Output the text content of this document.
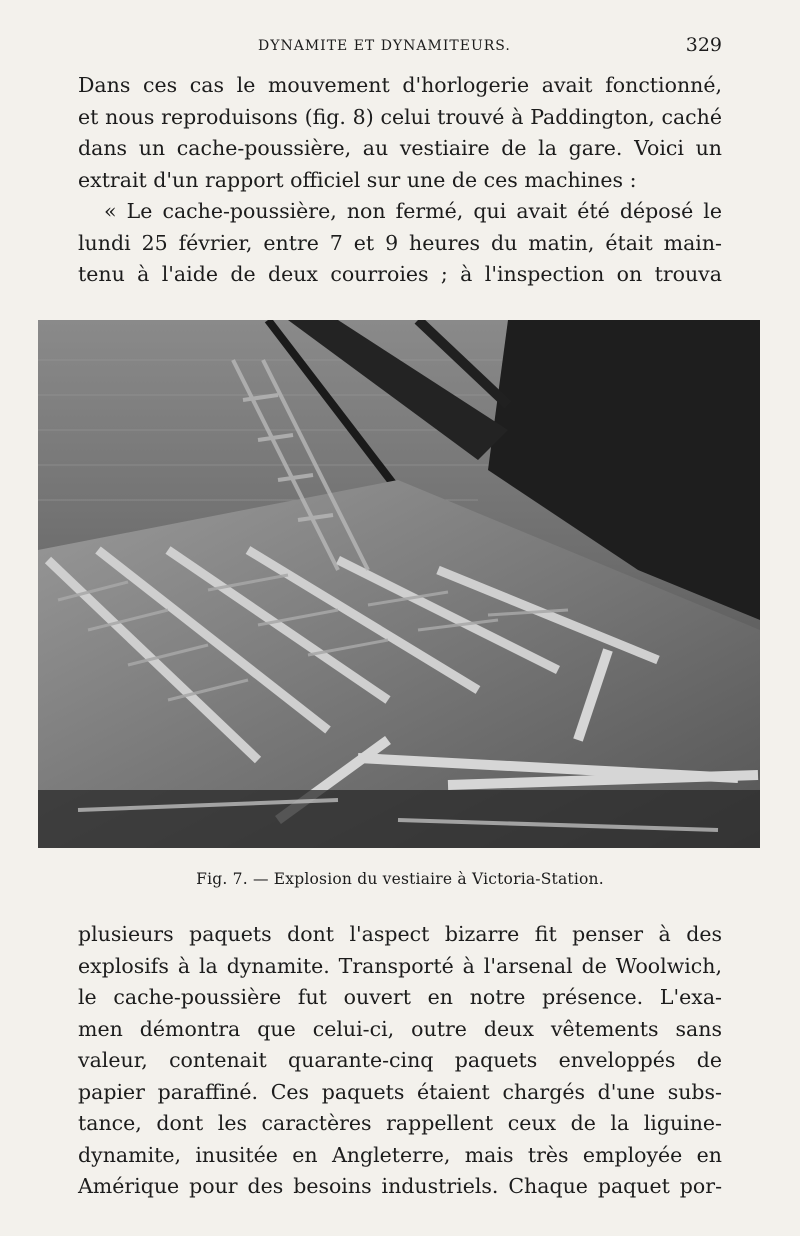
DYNAMITE ET DYNAMITEURS.	329
Dans ces cas le mouvement d'horlogerie avait fonctionné,
et nous reproduisons (fig. 8) celui trouvé à Paddington, caché
dans un cache-poussière, au vestiaire de la gare. Voici un
extrait d'un rapport officiel sur une de ces machines :
« Le cache-poussière, non fermé, qui avait été déposé le
lundi 25 février, entre 7 et 9 heures du matin, était main-
tenu à l'aide de deux courroies ; à l'inspection on trouva
Fig. 7. — Explosion du vestiaire à Victoria-Station.
plusieurs paquets dont l'aspect bizarre fit penser à des
explosifs à la dynamite. Transporté à l'arsenal de Woolwich,
le cache-poussière fut ouvert en notre présence. L'exa-
men démontra que celui-ci, outre deux vêtements sans
valeur, contenait quarante-cinq paquets enveloppés de
papier paraffiné. Ces paquets étaient chargés d'une subs-
tance, dont les caractères rappellent ceux de la liguine-
dynamite, inusitée en Angleterre, mais très employée en
Amérique pour des besoins industriels. Chaque paquet por-
